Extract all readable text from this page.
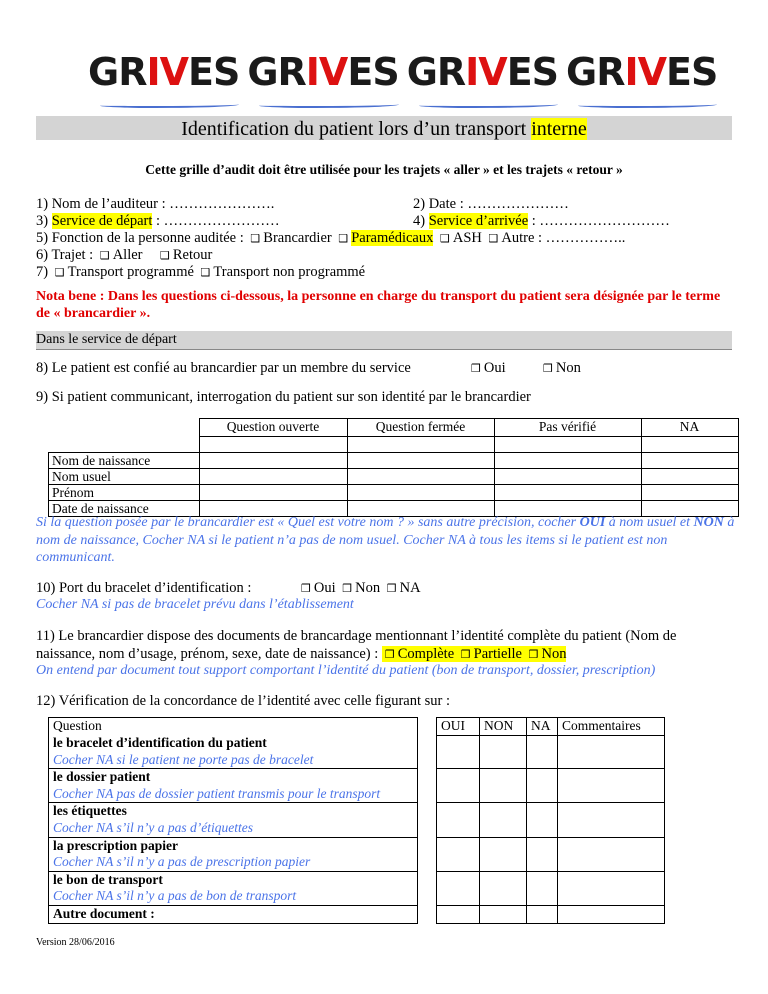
GRIVES GRIVES GRIVES GRIVES
Identification du patient lors d’un transport interne
Cette grille d’audit doit être utilisée pour les trajets « aller » et les trajets « retour »
1) Nom de l’auditeur : ………………….	2) Date : …………………
3) Service de départ : ……………………	4) Service d’arrivée : ………………………
5) Fonction de la personne auditée : ❑ Brancardier ❑ Paramédicaux ❑ ASH ❑ Autre : ……………..
6) Trajet : ❑ Aller ❑ Retour
7) ❑ Transport programmé ❑ Transport non programmé
Nota bene : Dans les questions ci-dessous, la personne en charge du transport du patient sera désignée par le terme de « brancardier ».
Dans le service de départ
8) Le patient est confié au brancardier par un membre du service	❒ Oui	❒ Non
9) Si patient communicant, interrogation du patient sur son identité par le brancardier
	Question ouverte	Question fermée	Pas vérifié	NA

Nom de naissance				
Nom usuel				
Prénom				
Date de naissance				
Si la question posée par le brancardier est « Quel est votre nom ? » sans autre précision, cocher OUI à nom usuel et NON à nom de naissance, Cocher NA si le patient n’a pas de nom usuel. Cocher NA à tous les items si le patient est non communicant.
10) Port du bracelet d’identification :	❒ Oui ❒ Non ❒ NA
Cocher NA si pas de bracelet prévu dans l’établissement
11) Le brancardier dispose des documents de brancardage mentionnant l’identité complète du patient (Nom de naissance, nom d’usage, prénom, sexe, date de naissance) : ❒ Complète ❒ Partielle ❒ Non
On entend par document tout support comportant l’identité du patient (bon de transport, dossier, prescription)
12) Vérification de la concordance de l’identité avec celle figurant sur :
Question		OUI	NON	NA	Commentaires

le bracelet d’identification du patient
Cocher NA si le patient ne porte pas de bracelet					

le dossier patient
Cocher NA pas de dossier patient transmis pour le transport					

les étiquettes
Cocher NA s’il n’y a pas d’étiquettes					

la prescription papier
Cocher NA s’il n’y a pas de prescription papier					

le bon de transport
Cocher NA s’il n’y a pas de bon de transport					

Autre document :					

Version 28/06/2016
